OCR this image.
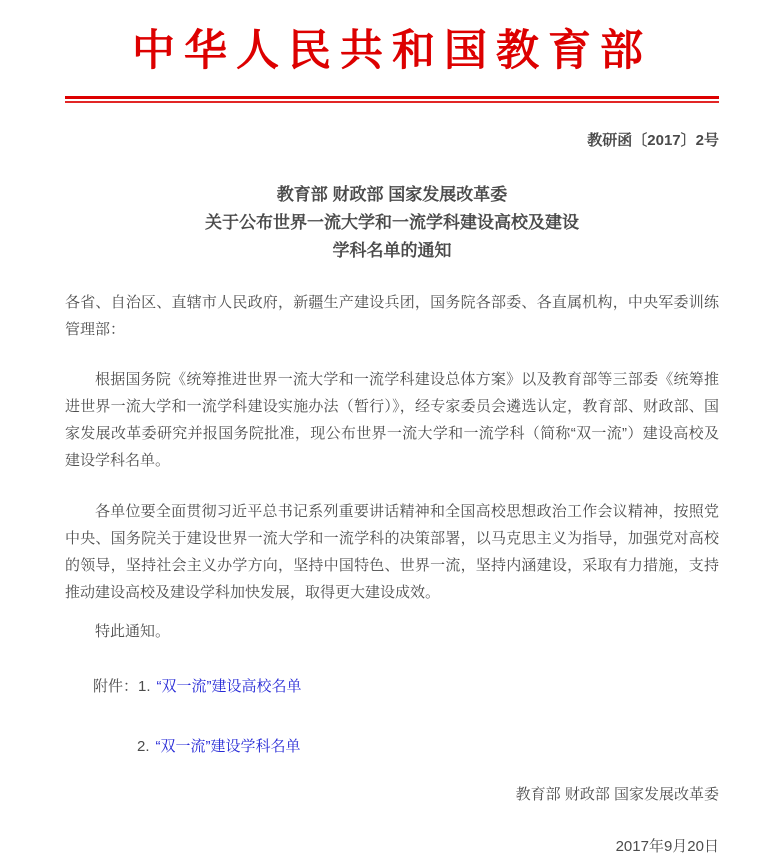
中华人民共和国教育部
教研函〔2017〕2号
教育部 财政部 国家发展改革委
关于公布世界一流大学和一流学科建设高校及建设
学科名单的通知
各省、自治区、直辖市人民政府，新疆生产建设兵团，国务院各部委、各直属机构，中央军委训练管理部：
根据国务院《统筹推进世界一流大学和一流学科建设总体方案》以及教育部等三部委《统筹推进世界一流大学和一流学科建设实施办法（暂行）》，经专家委员会遴选认定，教育部、财政部、国家发展改革委研究并报国务院批准，现公布世界一流大学和一流学科（简称“双一流”）建设高校及建设学科名单。
各单位要全面贯彻习近平总书记系列重要讲话精神和全国高校思想政治工作会议精神，按照党中央、国务院关于建设世界一流大学和一流学科的决策部署，以马克思主义为指导，加强党对高校的领导，坚持社会主义办学方向，坚持中国特色、世界一流，坚持内涵建设，采取有力措施，支持推动建设高校及建设学科加快发展，取得更大建设成效。
特此通知。
附件：1. “双一流”建设高校名单
2. “双一流”建设学科名单
教育部 财政部 国家发展改革委
2017年9月20日
